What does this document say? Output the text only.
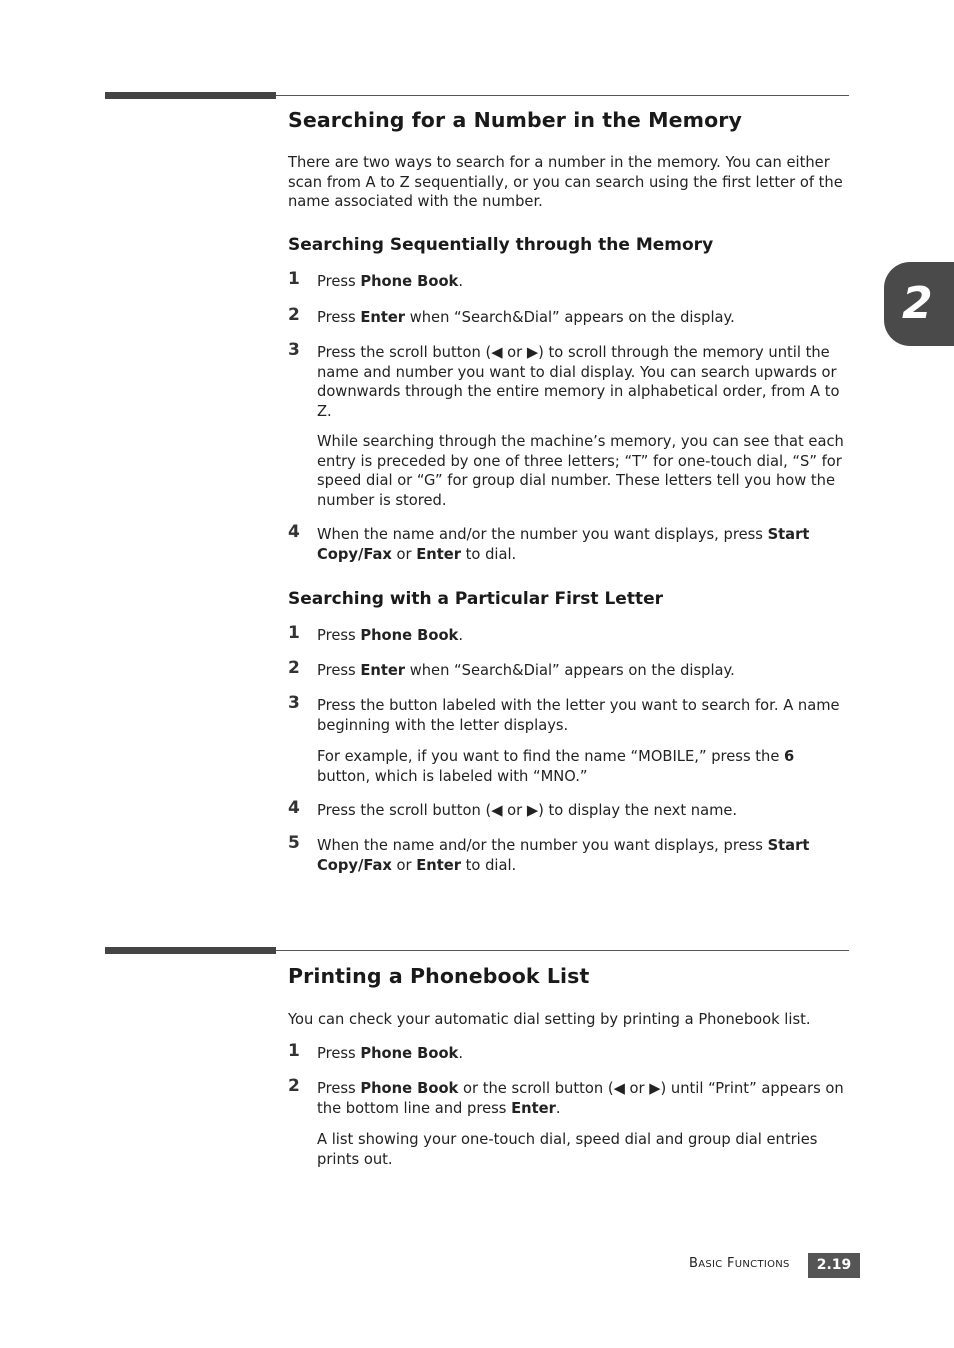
2
Searching for a Number in the Memory

There are two ways to search for a number in the memory. You can either scan from A to Z sequentially, or you can search using the first letter of the name associated with the number.

Searching Sequentially through the Memory
1 Press Phone Book.
2 Press Enter when “Search&Dial” appears on the display.
3 Press the scroll button (◀ or ▶) to scroll through the memory until the name and number you want to dial display. You can search upwards or downwards through the entire memory in alphabetical order, from A to Z.
While searching through the machine’s memory, you can see that each entry is preceded by one of three letters; “T” for one-touch dial, “S” for speed dial or “G” for group dial number. These letters tell you how the number is stored.
4 When the name and/or the number you want displays, press Start Copy/Fax or Enter to dial.
Searching with a Particular First Letter
1 Press Phone Book.
2 Press Enter when “Search&Dial” appears on the display.
3 Press the button labeled with the letter you want to search for. A name beginning with the letter displays.
For example, if you want to find the name “MOBILE,” press the 6 button, which is labeled with “MNO.”
4 Press the scroll button (◀ or ▶) to display the next name.
5 When the name and/or the number you want displays, press Start Copy/Fax or Enter to dial.
Printing a Phonebook List

You can check your automatic dial setting by printing a Phonebook list.

1 Press Phone Book.
2 Press Phone Book or the scroll button (◀ or ▶) until “Print” appears on the bottom line and press Enter.
A list showing your one-touch dial, speed dial and group dial entries prints out.
BASIC FUNCTIONS	2.19
